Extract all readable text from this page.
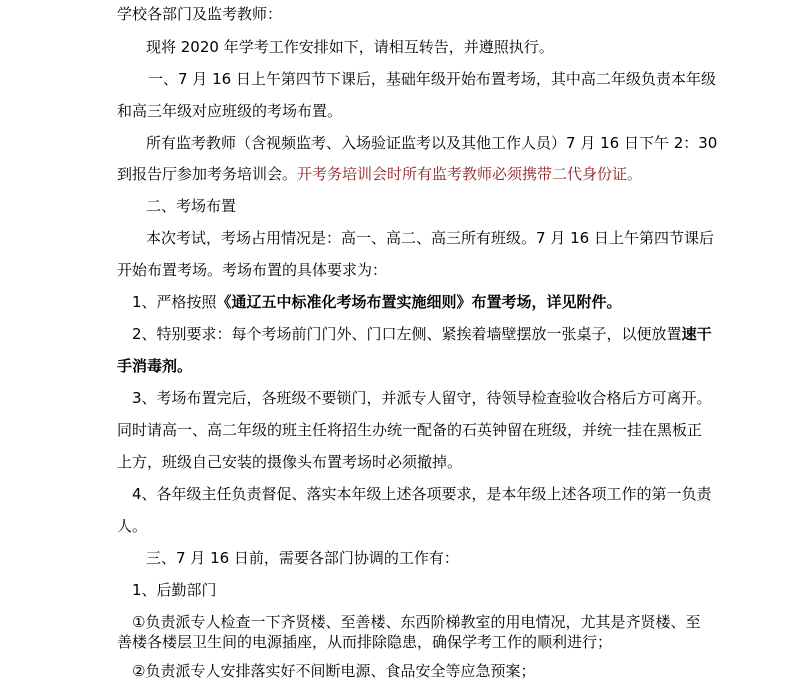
学校各部门及监考教师：
现将 2020 年学考工作安排如下，请相互转告，并遵照执行。
一、7 月 16 日上午第四节下课后，基础年级开始布置考场，其中高二年级负责本年级
和高三年级对应班级的考场布置。
所有监考教师（含视频监考、入场验证监考以及其他工作人员）7 月 16 日下午 2：30
到报告厅参加考务培训会。开考务培训会时所有监考教师必须携带二代身份证。
二、考场布置
本次考试，考场占用情况是：高一、高二、高三所有班级。7 月 16 日上午第四节课后
开始布置考场。考场布置的具体要求为：
1、严格按照《通辽五中标准化考场布置实施细则》布置考场，详见附件。
2、特别要求：每个考场前门门外、门口左侧、紧挨着墙壁摆放一张桌子，以便放置速干
手消毒剂。
3、考场布置完后，各班级不要锁门，并派专人留守，待领导检查验收合格后方可离开。
同时请高一、高二年级的班主任将招生办统一配备的石英钟留在班级，并统一挂在黑板正
上方，班级自己安装的摄像头布置考场时必须撤掉。
4、各年级主任负责督促、落实本年级上述各项要求，是本年级上述各项工作的第一负责
人。
三、7 月 16 日前，需要各部门协调的工作有：
1、后勤部门
①负责派专人检查一下齐贤楼、至善楼、东西阶梯教室的用电情况，尤其是齐贤楼、至
善楼各楼层卫生间的电源插座，从而排除隐患，确保学考工作的顺利进行；
②负责派专人安排落实好不间断电源、食品安全等应急预案；
